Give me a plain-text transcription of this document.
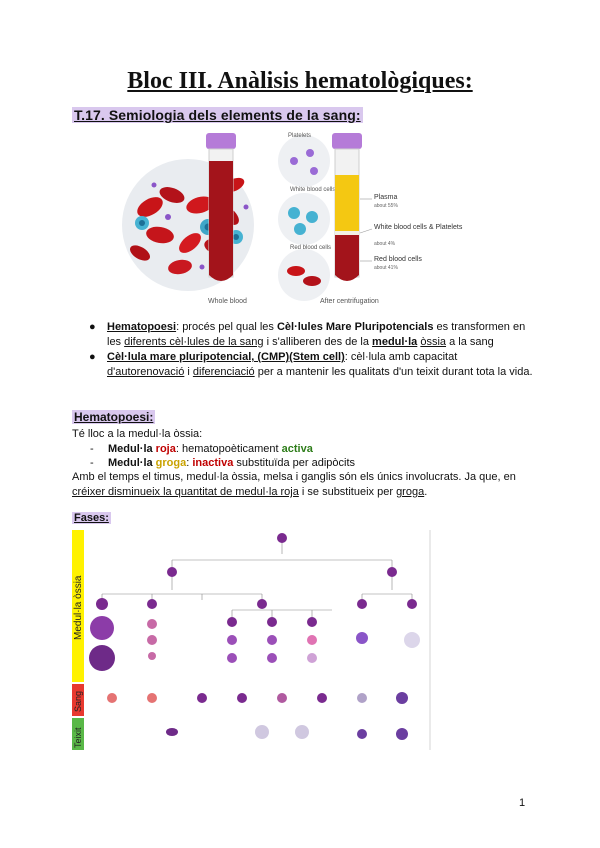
Bloc III. Anàlisis hematològiques:
T.17. Semiologia dels elements de la sang:
Whole blood
Platelets
White blood cells
Red blood cells
After centrifugation
Plasma
about 55%
White blood cells & Platelets
about 4%
Red blood cells
about 41%
● Hematopoesi: procés pel qual les Cèl·lules Mare Pluripotencials es transformen en les diferents cèl·lules de la sang i s'alliberen des de la medul·la òssia a la sang
● Cèl·lula mare pluripotencial, (CMP)(Stem cell): cèl·lula amb capacitat d'autorenovació i diferenciació per a mantenir les qualitats d'un teixit durant tota la vida.
Hematopoesi:
Té lloc a la medul·la òssia:
- Medul·la roja: hematopoèticament activa
- Medul·la groga: inactiva substituïda per adipòcits
Amb el temps el timus, medul·la òssia, melsa i ganglis són els únics involucrats. Ja que, en créixer disminueix la quantitat de medul·la roja i se substitueix per groga.
Fases:
Medul·la òssia
Sang
Teixit
1
